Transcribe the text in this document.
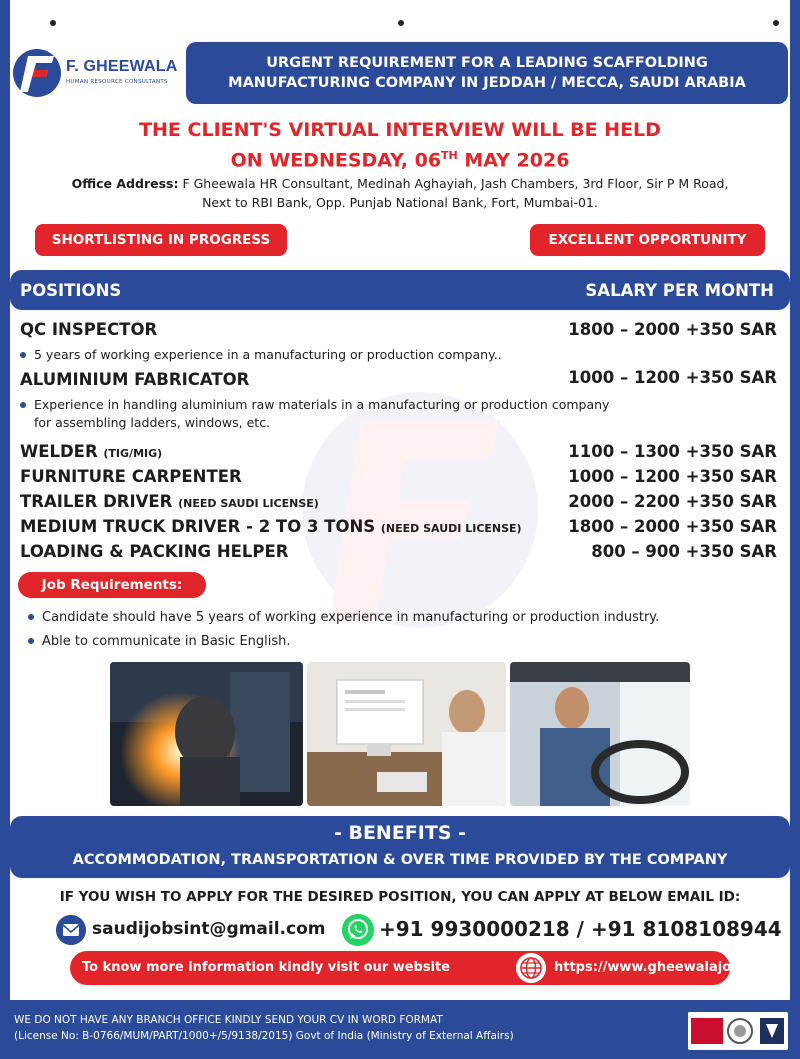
F. GHEEWALA
HUMAN RESOURCE CONSULTANTS
URGENT REQUIREMENT FOR A LEADING SCAFFOLDING
MANUFACTURING COMPANY IN JEDDAH / MECCA, SAUDI ARABIA
THE CLIENT'S VIRTUAL INTERVIEW WILL BE HELD
ON WEDNESDAY, 06TH MAY 2026
Office Address: F Gheewala HR Consultant, Medinah Aghayiah, Jash Chambers, 3rd Floor, Sir P M Road,
Next to RBI Bank, Opp. Punjab National Bank, Fort, Mumbai-01.
SHORTLISTING IN PROGRESS	EXCELLENT OPPORTUNITY
POSITIONS	SALARY PER MONTH
QC INSPECTOR	1800 – 2000 +350 SAR
5 years of working experience in a manufacturing or production company..
ALUMINIUM FABRICATOR	1000 – 1200 +350 SAR
Experience in handling aluminium raw materials in a manufacturing or production company
for assembling ladders, windows, etc.
WELDER (TIG/MIG)	1100 – 1300 +350 SAR
FURNITURE CARPENTER	1000 – 1200 +350 SAR
TRAILER DRIVER (NEED SAUDI LICENSE)	2000 – 2200 +350 SAR
MEDIUM TRUCK DRIVER - 2 TO 3 TONS (NEED SAUDI LICENSE)	1800 – 2000 +350 SAR
LOADING & PACKING HELPER	800 – 900 +350 SAR
Job Requirements:
Candidate should have 5 years of working experience in manufacturing or production industry.
Able to communicate in Basic English.
- BENEFITS -
ACCOMMODATION, TRANSPORTATION & OVER TIME PROVIDED BY THE COMPANY
IF YOU WISH TO APPLY FOR THE DESIRED POSITION, YOU CAN APPLY AT BELOW EMAIL ID:
saudijobsint@gmail.com	+91 9930000218 / +91 8108108944
To know more information kindly visit our website	https://www.gheewalajobs.com/
WE DO NOT HAVE ANY BRANCH OFFICE KINDLY SEND YOUR CV IN WORD FORMAT
(License No: B-0766/MUM/PART/1000+/5/9138/2015) Govt of India (Ministry of External Affairs)
